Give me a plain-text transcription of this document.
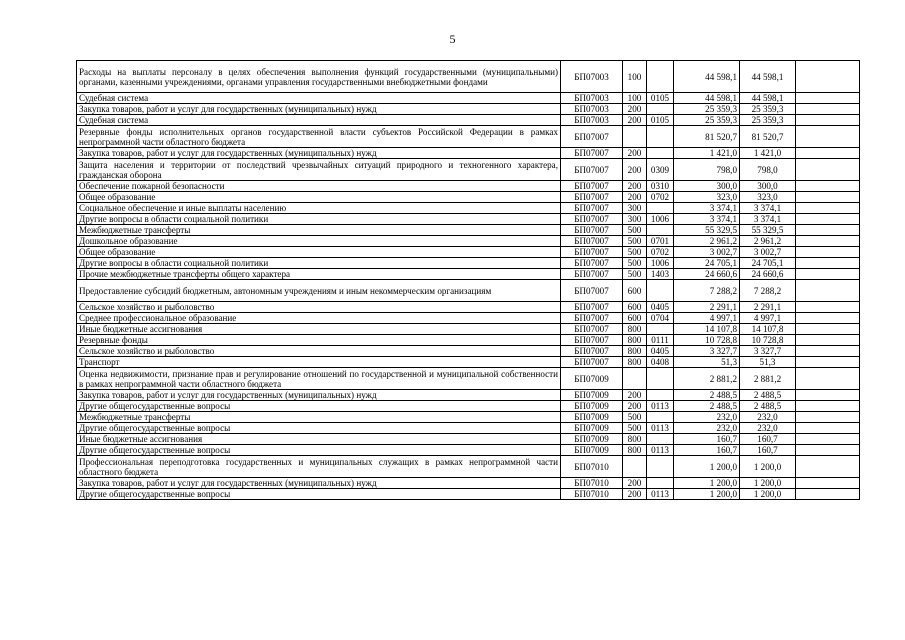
5
Расходы на выплаты персоналу в целях обеспечения выполнения функций государственными (муниципальными) органами, казенными учреждениями, органами управления государственными внебюджетными фондами	БП07003	100		44 598,1	44 598,1	
Судебная система	БП07003	100	0105	44 598,1	44 598,1	
Закупка товаров, работ и услуг для государственных (муниципальных) нужд	БП07003	200		25 359,3	25 359,3	
Судебная система	БП07003	200	0105	25 359,3	25 359,3	
Резервные фонды исполнительных органов государственной власти субъектов Российской Федерации в рамках непрограммной части областного бюджета	БП07007			81 520,7	81 520,7	
Закупка товаров, работ и услуг для государственных (муниципальных) нужд	БП07007	200		1 421,0	1 421,0	
Защита населения и территории от последствий чрезвычайных ситуаций природного и техногенного характера, гражданская оборона	БП07007	200	0309	798,0	798,0	
Обеспечение пожарной безопасности	БП07007	200	0310	300,0	300,0	
Общее образование	БП07007	200	0702	323,0	323,0	
Социальное обеспечение и иные выплаты населению	БП07007	300		3 374,1	3 374,1	
Другие вопросы в области социальной политики	БП07007	300	1006	3 374,1	3 374,1	
Межбюджетные трансферты	БП07007	500		55 329,5	55 329,5	
Дошкольное образование	БП07007	500	0701	2 961,2	2 961,2	
Общее образование	БП07007	500	0702	3 002,7	3 002,7	
Другие вопросы в области социальной политики	БП07007	500	1006	24 705,1	24 705,1	
Прочие межбюджетные трансферты общего характера	БП07007	500	1403	24 660,6	24 660,6	
Предоставление субсидий бюджетным, автономным учреждениям и иным некоммерческим организациям	БП07007	600		7 288,2	7 288,2	
Сельское хозяйство и рыболовство	БП07007	600	0405	2 291,1	2 291,1	
Среднее профессиональное образование	БП07007	600	0704	4 997,1	4 997,1	
Иные бюджетные ассигнования	БП07007	800		14 107,8	14 107,8	
Резервные фонды	БП07007	800	0111	10 728,8	10 728,8	
Сельское хозяйство и рыболовство	БП07007	800	0405	3 327,7	3 327,7	
Транспорт	БП07007	800	0408	51,3	51,3	
Оценка недвижимости, признание прав и регулирование отношений по государственной и муниципальной собственности в рамках непрограммной части областного бюджета	БП07009			2 881,2	2 881,2	
Закупка товаров, работ и услуг для государственных (муниципальных) нужд	БП07009	200		2 488,5	2 488,5	
Другие общегосударственные вопросы	БП07009	200	0113	2 488,5	2 488,5	
Межбюджетные трансферты	БП07009	500		232,0	232,0	
Другие общегосударственные вопросы	БП07009	500	0113	232,0	232,0	
Иные бюджетные ассигнования	БП07009	800		160,7	160,7	
Другие общегосударственные вопросы	БП07009	800	0113	160,7	160,7	
Профессиональная переподготовка государственных и муниципальных служащих в рамках непрограммной части областного бюджета	БП07010			1 200,0	1 200,0	
Закупка товаров, работ и услуг для государственных (муниципальных) нужд	БП07010	200		1 200,0	1 200,0	
Другие общегосударственные вопросы	БП07010	200	0113	1 200,0	1 200,0	
